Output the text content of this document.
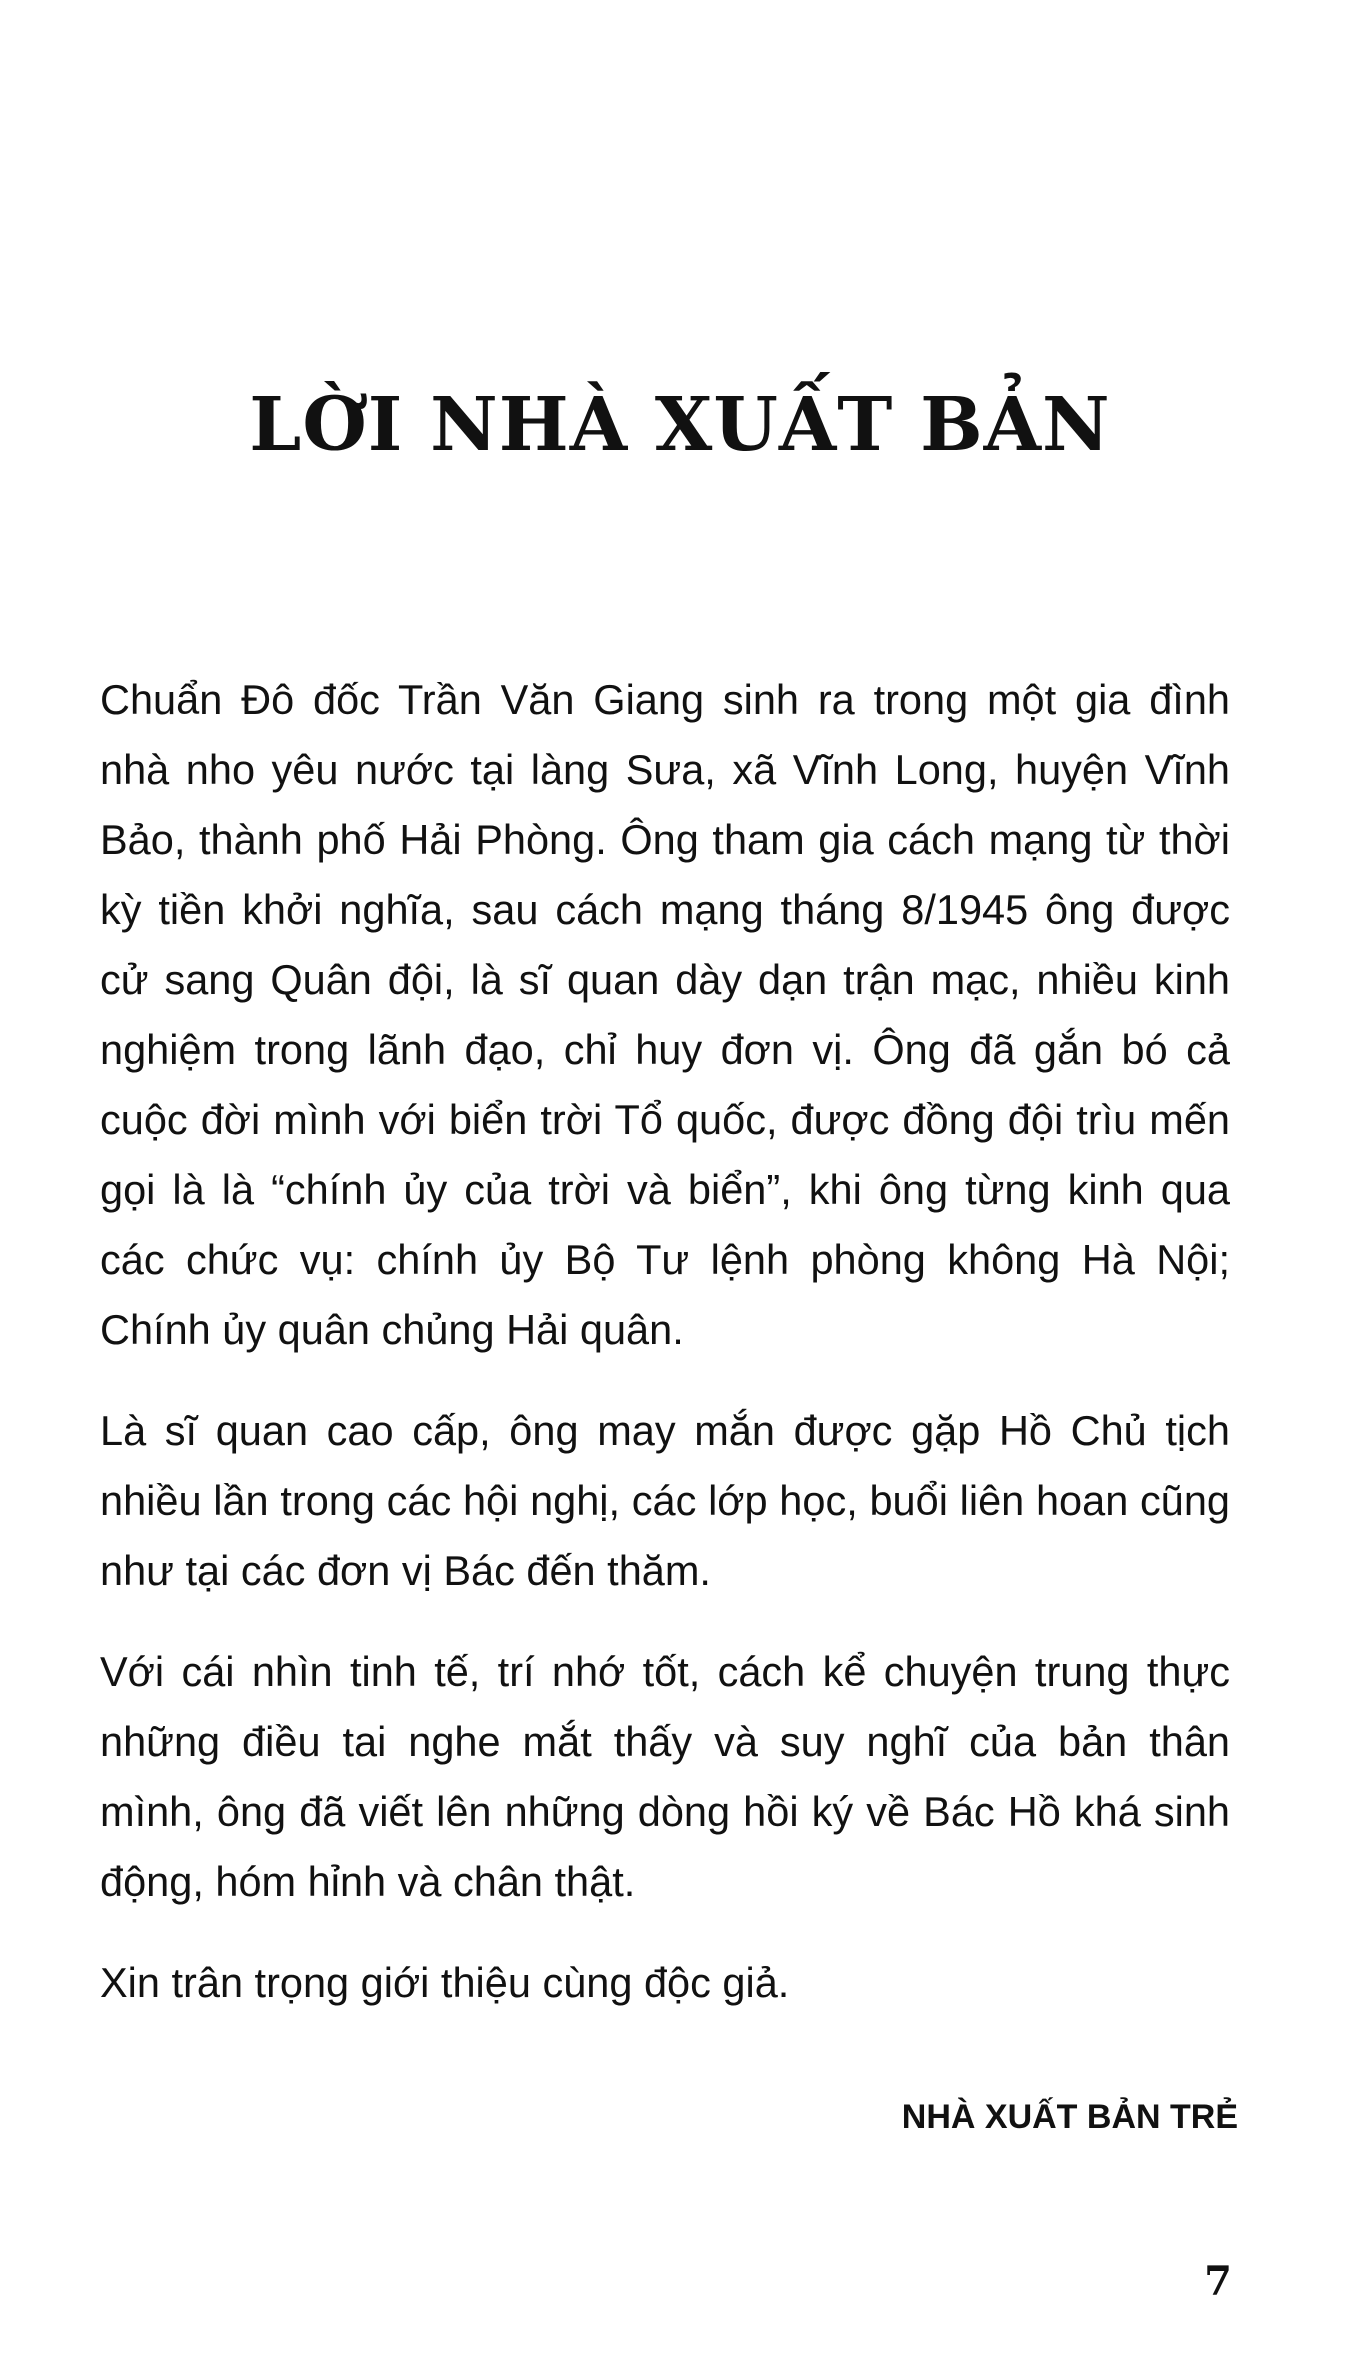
LỜI NHÀ XUẤT BẢN

Chuẩn Đô đốc Trần Văn Giang sinh ra trong một gia đình nhà nho yêu nước tại làng Sưa, xã Vĩnh Long, huyện Vĩnh Bảo, thành phố Hải Phòng. Ông tham gia cách mạng từ thời kỳ tiền khởi nghĩa, sau cách mạng tháng 8/1945 ông được cử sang Quân đội, là sĩ quan dày dạn trận mạc, nhiều kinh nghiệm trong lãnh đạo, chỉ huy đơn vị. Ông đã gắn bó cả cuộc đời mình với biển trời Tổ quốc, được đồng đội trìu mến gọi là là “chính ủy của trời và biển”, khi ông từng kinh qua các chức vụ: chính ủy Bộ Tư lệnh phòng không Hà Nội; Chính ủy quân chủng Hải quân.

Là sĩ quan cao cấp, ông may mắn được gặp Hồ Chủ tịch nhiều lần trong các hội nghị, các lớp học, buổi liên hoan cũng như tại các đơn vị Bác đến thăm.

Với cái nhìn tinh tế, trí nhớ tốt, cách kể chuyện trung thực những điều tai nghe mắt thấy và suy nghĩ của bản thân mình, ông đã viết lên những dòng hồi ký về Bác Hồ khá sinh động, hóm hỉnh và chân thật.

Xin trân trọng giới thiệu cùng độc giả.

NHÀ XUẤT BẢN TRẺ

7
